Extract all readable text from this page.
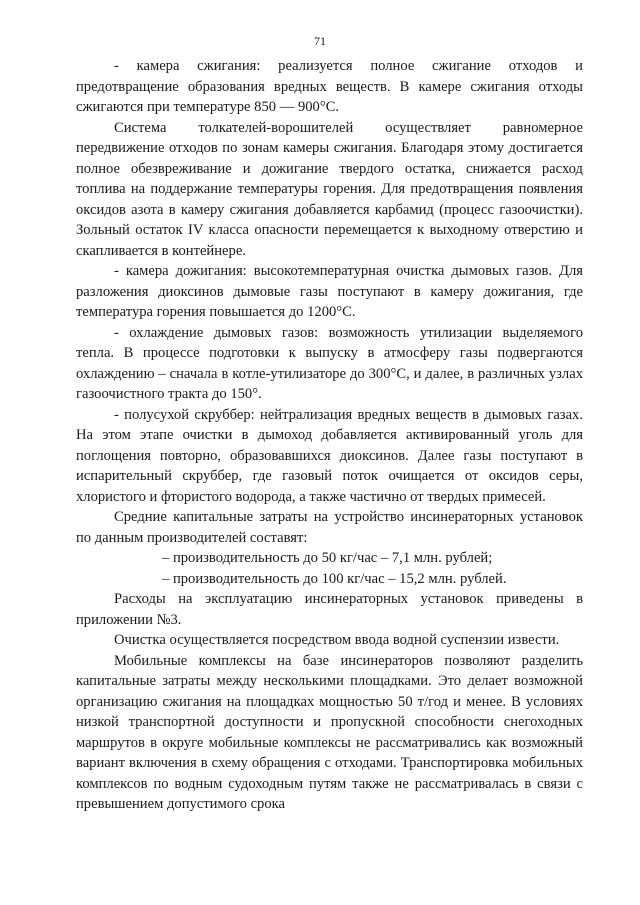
71

- камера сжигания: реализуется полное сжигание отходов и предотвращение образования вредных веществ. В камере сжигания отходы сжигаются при температуре 850 — 900°С.

Система толкателей-ворошителей осуществляет равномерное передвижение отходов по зонам камеры сжигания. Благодаря этому достигается полное обезвреживание и дожигание твердого остатка, снижается расход топлива на поддержание температуры горения. Для предотвращения появления оксидов азота в камеру сжигания добавляется карбамид (процесс газоочистки). Зольный остаток IV класса опасности перемещается к выходному отверстию и скапливается в контейнере.

- камера дожигания: высокотемпературная очистка дымовых газов. Для разложения диоксинов дымовые газы поступают в камеру дожигания, где температура горения повышается до 1200°С.

- охлаждение дымовых газов: возможность утилизации выделяемого тепла. В процессе подготовки к выпуску в атмосферу газы подвергаются охлаждению – сначала в котле-утилизаторе до 300°С, и далее, в различных узлах газоочистного тракта до 150°.

- полусухой скруббер: нейтрализация вредных веществ в дымовых газах. На этом этапе очистки в дымоход добавляется активированный уголь для поглощения повторно, образовавшихся диоксинов. Далее газы поступают в испарительный скруббер, где газовый поток очищается от оксидов серы, хлористого и фтористого водорода, а также частично от твердых примесей.

Средние капитальные затраты на устройство инсинераторных установок по данным производителей составят:

– производительность до 50 кг/час – 7,1 млн. рублей;

– производительность до 100 кг/час – 15,2 млн. рублей.

Расходы на эксплуатацию инсинераторных установок приведены в приложении №3.

Очистка осуществляется посредством ввода водной суспензии извести.

Мобильные комплексы на базе инсинераторов позволяют разделить капитальные затраты между несколькими площадками. Это делает возможной организацию сжигания на площадках мощностью 50 т/год и менее. В условиях низкой транспортной доступности и пропускной способности снегоходных маршрутов в округе мобильные комплексы не рассматривались как возможный вариант включения в схему обращения с отходами. Транспортировка мобильных комплексов по водным судоходным путям также не рассматривалась в связи с превышением допустимого срока
